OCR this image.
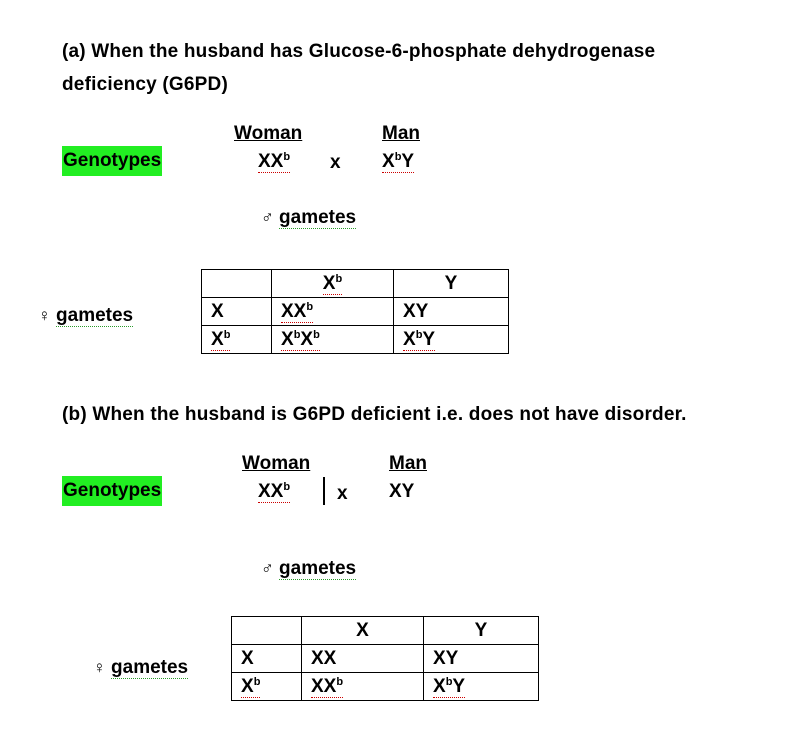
(a) When the husband has Glucose-6-phosphate dehydrogenase
deficiency (G6PD)
Woman	Man
Genotypes	$XX^b$ x $X^bY$
♂ gametes
♀ gametes
	$X^b$	Y
X	$XX^b$	XY
$X^b$	$X^bX^b$	$X^bY$
(b) When the husband is G6PD deficient i.e. does not have disorder.
Woman	Man
Genotypes	$XX^b$ x XY
♂ gametes
♀ gametes
	X	Y
X	XX	XY
$X^b$	$XX^b$	$X^bY$
